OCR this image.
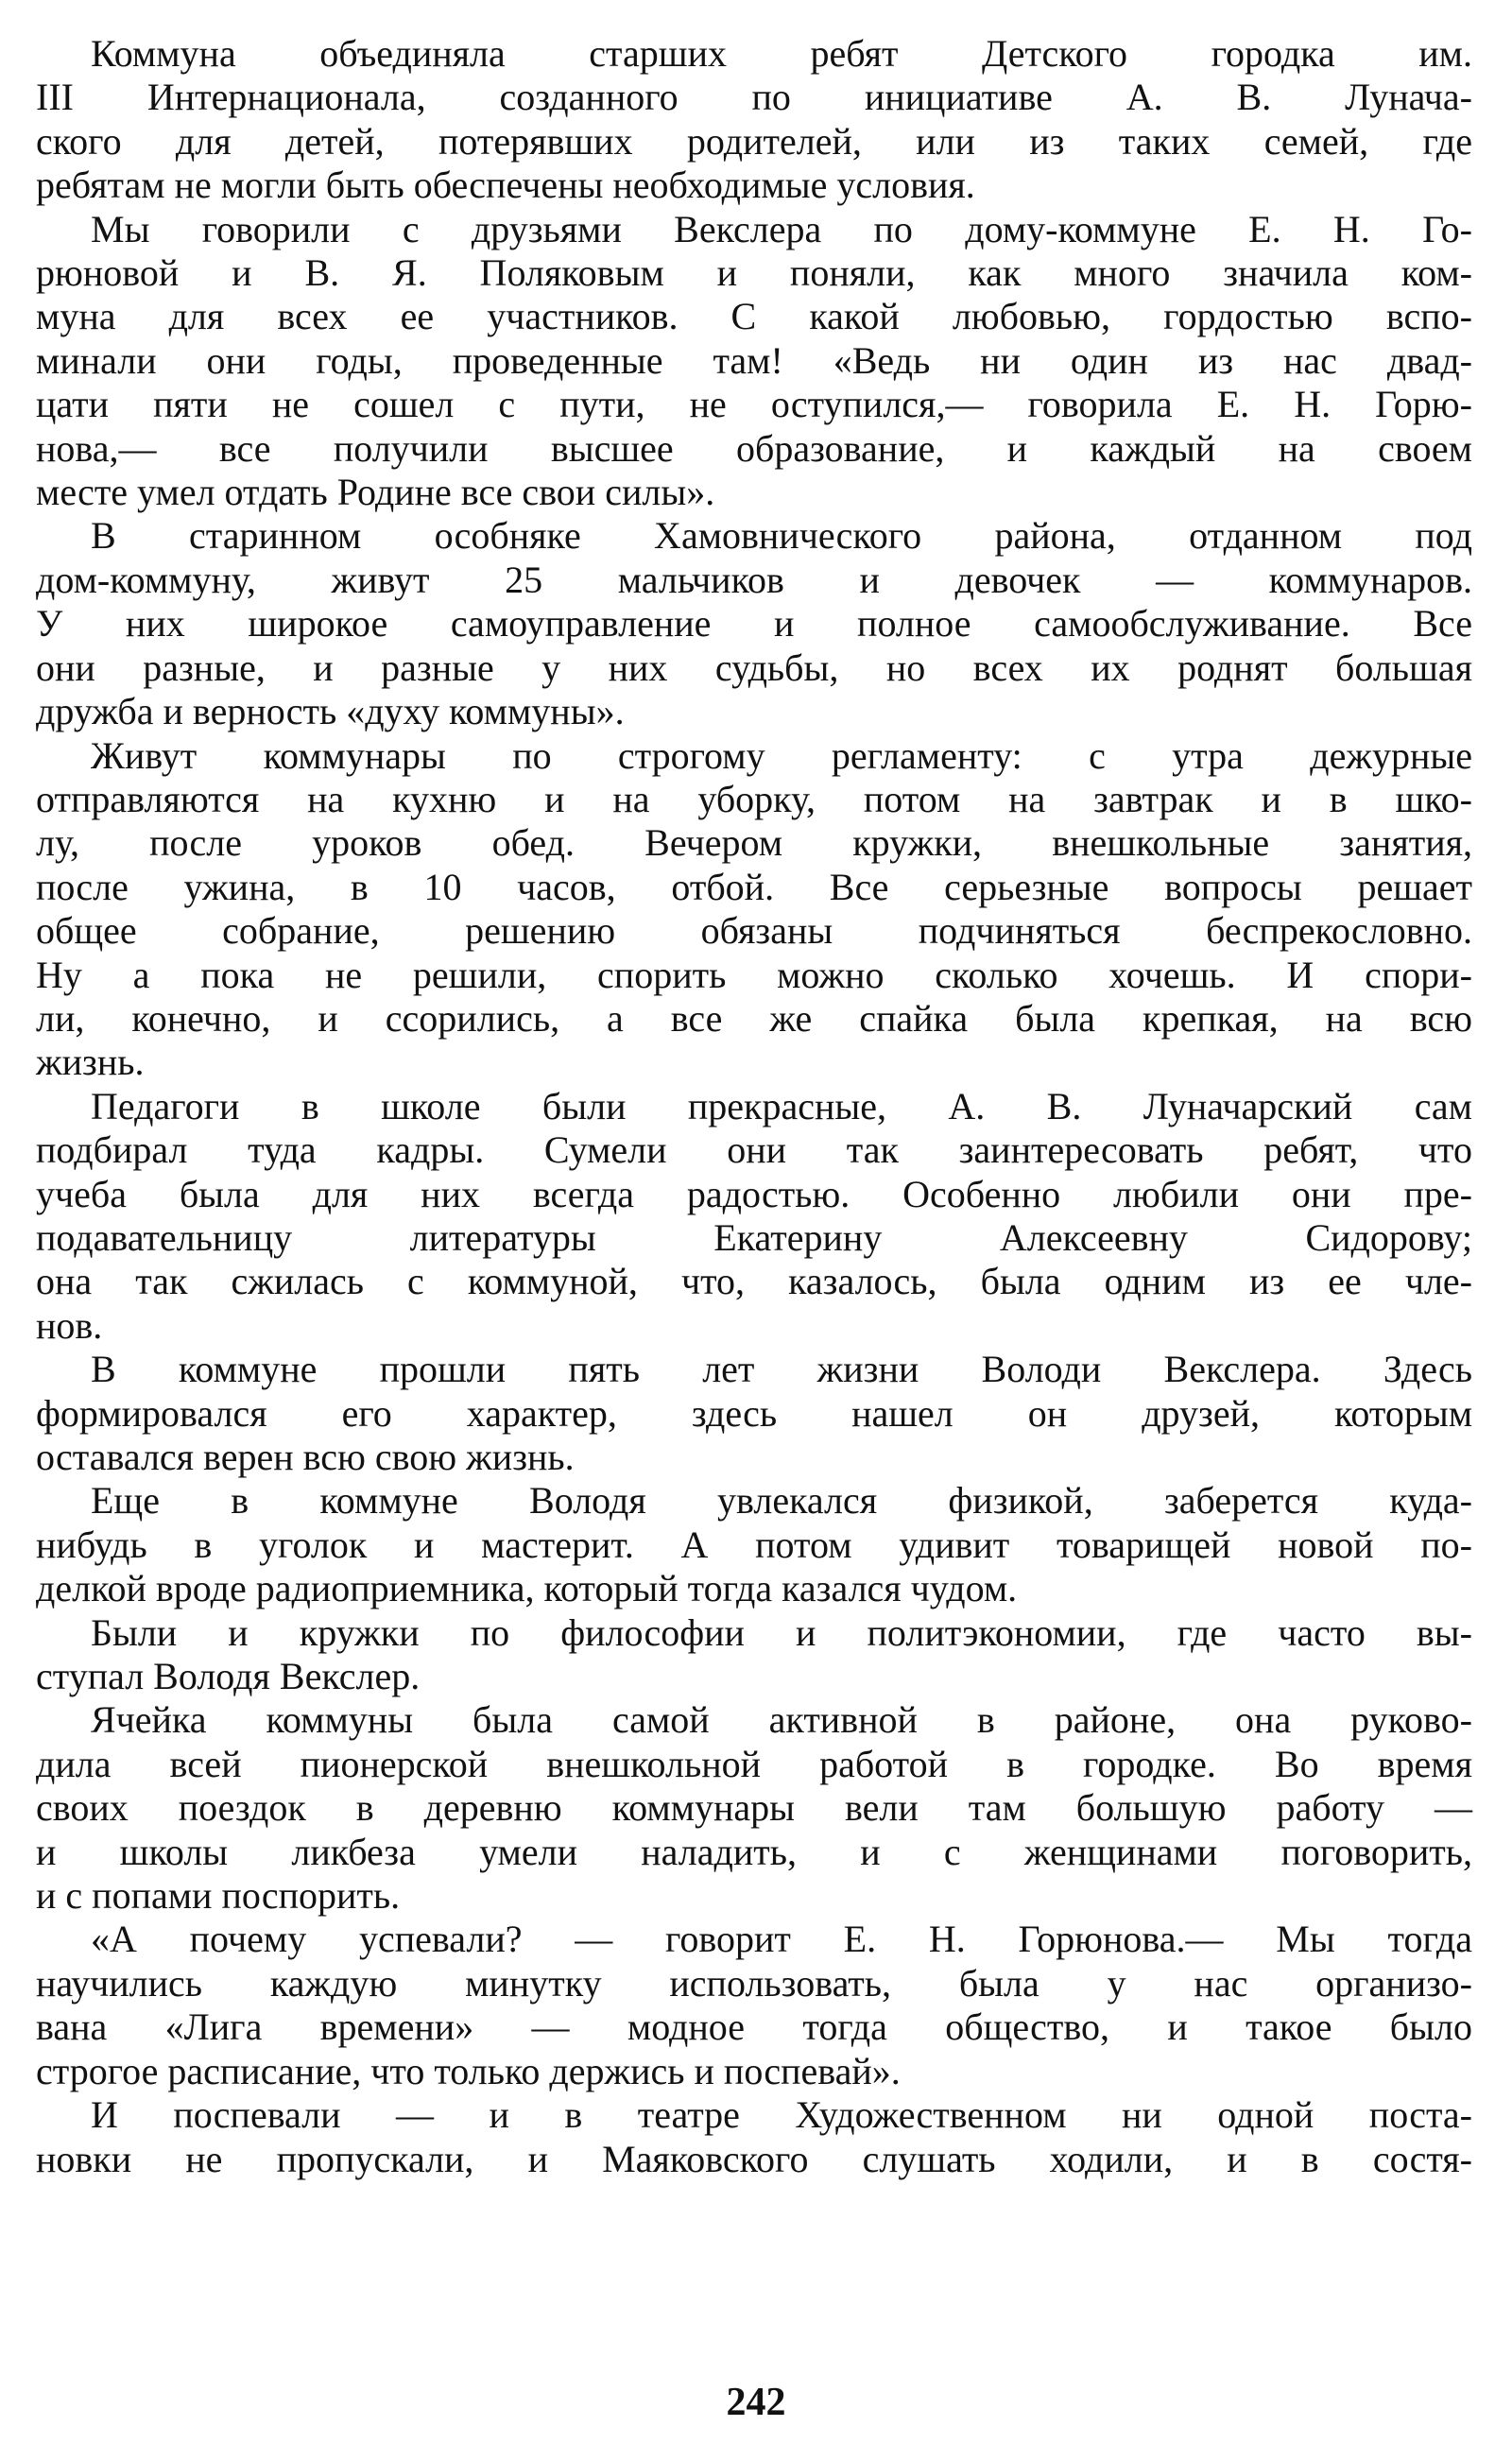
Коммуна объединяла старших ребят Детского городка им.
III Интернационала, созданного по инициативе А. В. Лунача-
ского для детей, потерявших родителей, или из таких семей, где
ребятам не могли быть обеспечены необходимые условия.

Мы говорили с друзьями Векслера по дому-коммуне Е. Н. Го-
рюновой и В. Я. Поляковым и поняли, как много значила ком-
муна для всех ее участников. С какой любовью, гордостью вспо-
минали они годы, проведенные там! «Ведь ни один из нас двад-
цати пяти не сошел с пути, не оступился,— говорила Е. Н. Горю-
нова,— все получили высшее образование, и каждый на своем
месте умел отдать Родине все свои силы».

В старинном особняке Хамовнического района, отданном под
дом-коммуну, живут 25 мальчиков и девочек — коммунаров.
У них широкое самоуправление и полное самообслуживание. Все
они разные, и разные у них судьбы, но всех их роднят большая
дружба и верность «духу коммуны».

Живут коммунары по строгому регламенту: с утра дежурные
отправляются на кухню и на уборку, потом на завтрак и в шко-
лу, после уроков обед. Вечером кружки, внешкольные занятия,
после ужина, в 10 часов, отбой. Все серьезные вопросы решает
общее собрание, решению обязаны подчиняться беспрекословно.
Ну а пока не решили, спорить можно сколько хочешь. И спори-
ли, конечно, и ссорились, а все же спайка была крепкая, на всю
жизнь.

Педагоги в школе были прекрасные, А. В. Луначарский сам
подбирал туда кадры. Сумели они так заинтересовать ребят, что
учеба была для них всегда радостью. Особенно любили они пре-
подавательницу литературы Екатерину Алексеевну Сидорову;
она так сжилась с коммуной, что, казалось, была одним из ее чле-
нов.

В коммуне прошли пять лет жизни Володи Векслера. Здесь
формировался его характер, здесь нашел он друзей, которым
оставался верен всю свою жизнь.

Еще в коммуне Володя увлекался физикой, заберется куда-
нибудь в уголок и мастерит. А потом удивит товарищей новой по-
делкой вроде радиоприемника, который тогда казался чудом.

Были и кружки по философии и политэкономии, где часто вы-
ступал Володя Векслер.

Ячейка коммуны была самой активной в районе, она руково-
дила всей пионерской внешкольной работой в городке. Во время
своих поездок в деревню коммунары вели там большую работу —
и школы ликбеза умели наладить, и с женщинами поговорить,
и с попами поспорить.

«А почему успевали? — говорит Е. Н. Горюнова.— Мы тогда
научились каждую минутку использовать, была у нас организо-
вана «Лига времени» — модное тогда общество, и такое было
строгое расписание, что только держись и поспевай».

И поспевали — и в театре Художественном ни одной поста-
новки не пропускали, и Маяковского слушать ходили, и в состя-

242
